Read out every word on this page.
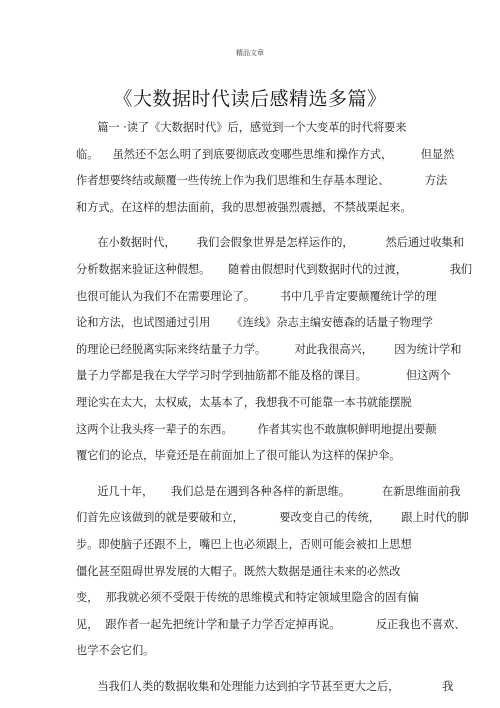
精品文章
《大数据时代读后感精选多篇》
篇一 ·读了《大数据时代》后，感觉到一个大变革的时代将要来
临。    虽然还不怎么明了到底要彻底改变哪些思维和操作方式，        但显然
作者想要终结或颠覆一些传统上作为我们思维和生存基本理论、          方法
和方式。在这样的想法面前，我的思想被强烈震撼，不禁战栗起来。
在小数据时代，      我们会假象世界是怎样运作的，         然后通过收集和
分析数据来验证这种假想。     随着由假想时代到数据时代的过渡，            我们
也很可能认为我们不在需要理论了。       书中几乎肯定要颠覆统计学的理
论和方法，也试图通过引用      《连线》杂志主编安德森的话量子物理学
的理论已经脱离实际来终结量子力学。        对此我很高兴，      因为统计学和
量子力学都是我在大学学习时学到抽筋都不能及格的课目。           但这两个
理论实在太大，太权威，太基本了，我想我不可能靠一本书就能摆脱
这两个让我头疼一辈子的东西。       作者其实也不敢旗帜鲜明地提出要颠
覆它们的论点，毕竟还是在前面加上了很可能认为这样的保护伞。
近几十年，     我们总是在遇到各种各样的新思维。         在新思维面前我
们首先应该做到的就是要破和立，          要改变自己的传统，      跟上时代的脚
步。即使脑子还跟不上，嘴巴上也必须跟上，否则可能会被扣上思想
僵化甚至阻碍世界发展的大帽子。既然大数据是通往未来的必然改
变，  那我就必须不受限于传统的思维模式和特定领域里隐含的固有偏
见，  跟作者一起先把统计学和量子力学否定掉再说。          反正我也不喜欢、
也学不会它们。
当我们人类的数据收集和处理能力达到拍字节甚至更大之后，            我
